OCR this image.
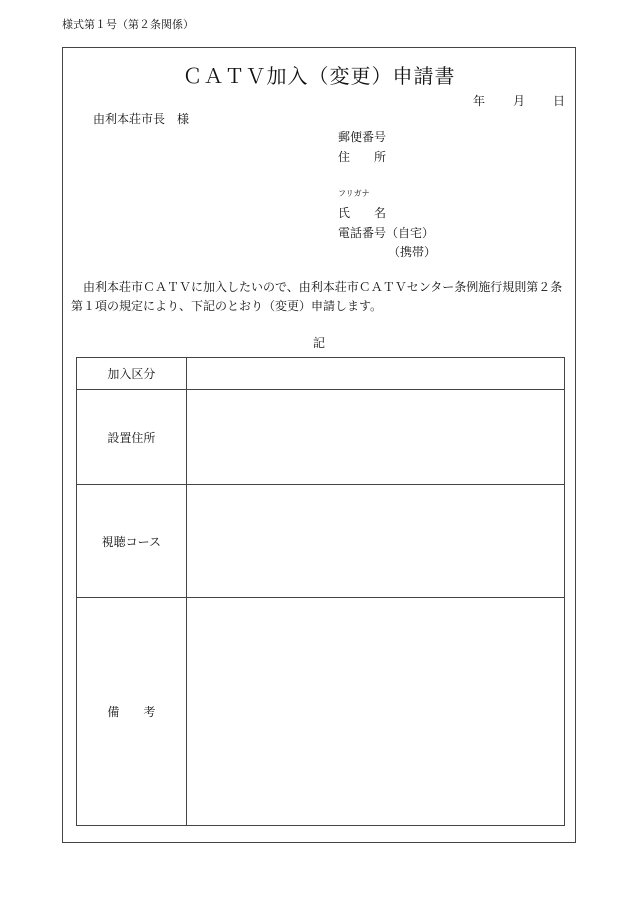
様式第１号（第２条関係）
ＣＡＴＶ加入（変更）申請書
年 月 日
由利本荘市長　様
郵便番号
住　　所
フリガナ
氏　　名
電話番号（自宅）
（携帯）
由利本荘市ＣＡＴＶに加入したいので、由利本荘市ＣＡＴＶセンター条例施行規則第２条第１項の規定により、下記のとおり（変更）申請します。
記
加入区分	
設置住所	
視聴コース	
備　　考	
